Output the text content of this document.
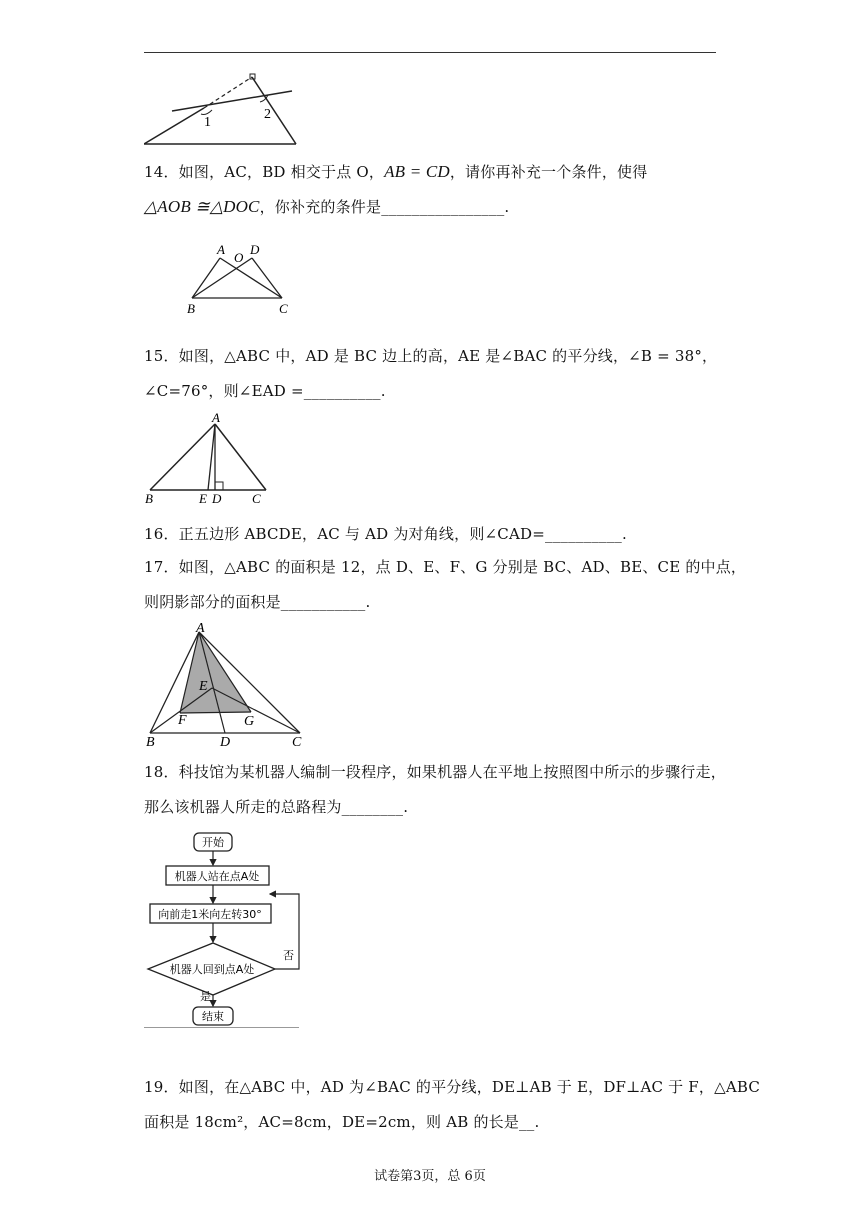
1
2
14．如图，AC，BD 相交于点 O，AB = CD，请你再补充一个条件，使得
△AOB ≅△DOC，你补充的条件是________________.
A
O
D
B	C
15．如图，△ABC 中，AD 是 BC 边上的高，AE 是∠BAC 的平分线，∠B = 38°，
∠C=76°，则∠EAD =__________.
A
B	E D C
16．正五边形 ABCDE，AC 与 AD 为对角线，则∠CAD=__________.
17．如图，△ABC 的面积是 12，点 D、E、F、G 分别是 BC、AD、BE、CE 的中点，
则阴影部分的面积是___________.
A
E
F	G
B	D	C
18．科技馆为某机器人编制一段程序，如果机器人在平地上按照图中所示的步骤行走，
那么该机器人所走的总路程为________.
开始
机器人站在点A处
向前走1米向左转30°
机器人回到点A处
否
是
结束
19．如图，在△ABC 中，AD 为∠BAC 的平分线，DE⊥AB 于 E，DF⊥AC 于 F，△ABC
面积是 18cm²，AC=8cm，DE=2cm，则 AB 的长是__.
试卷第3页，总 6页
